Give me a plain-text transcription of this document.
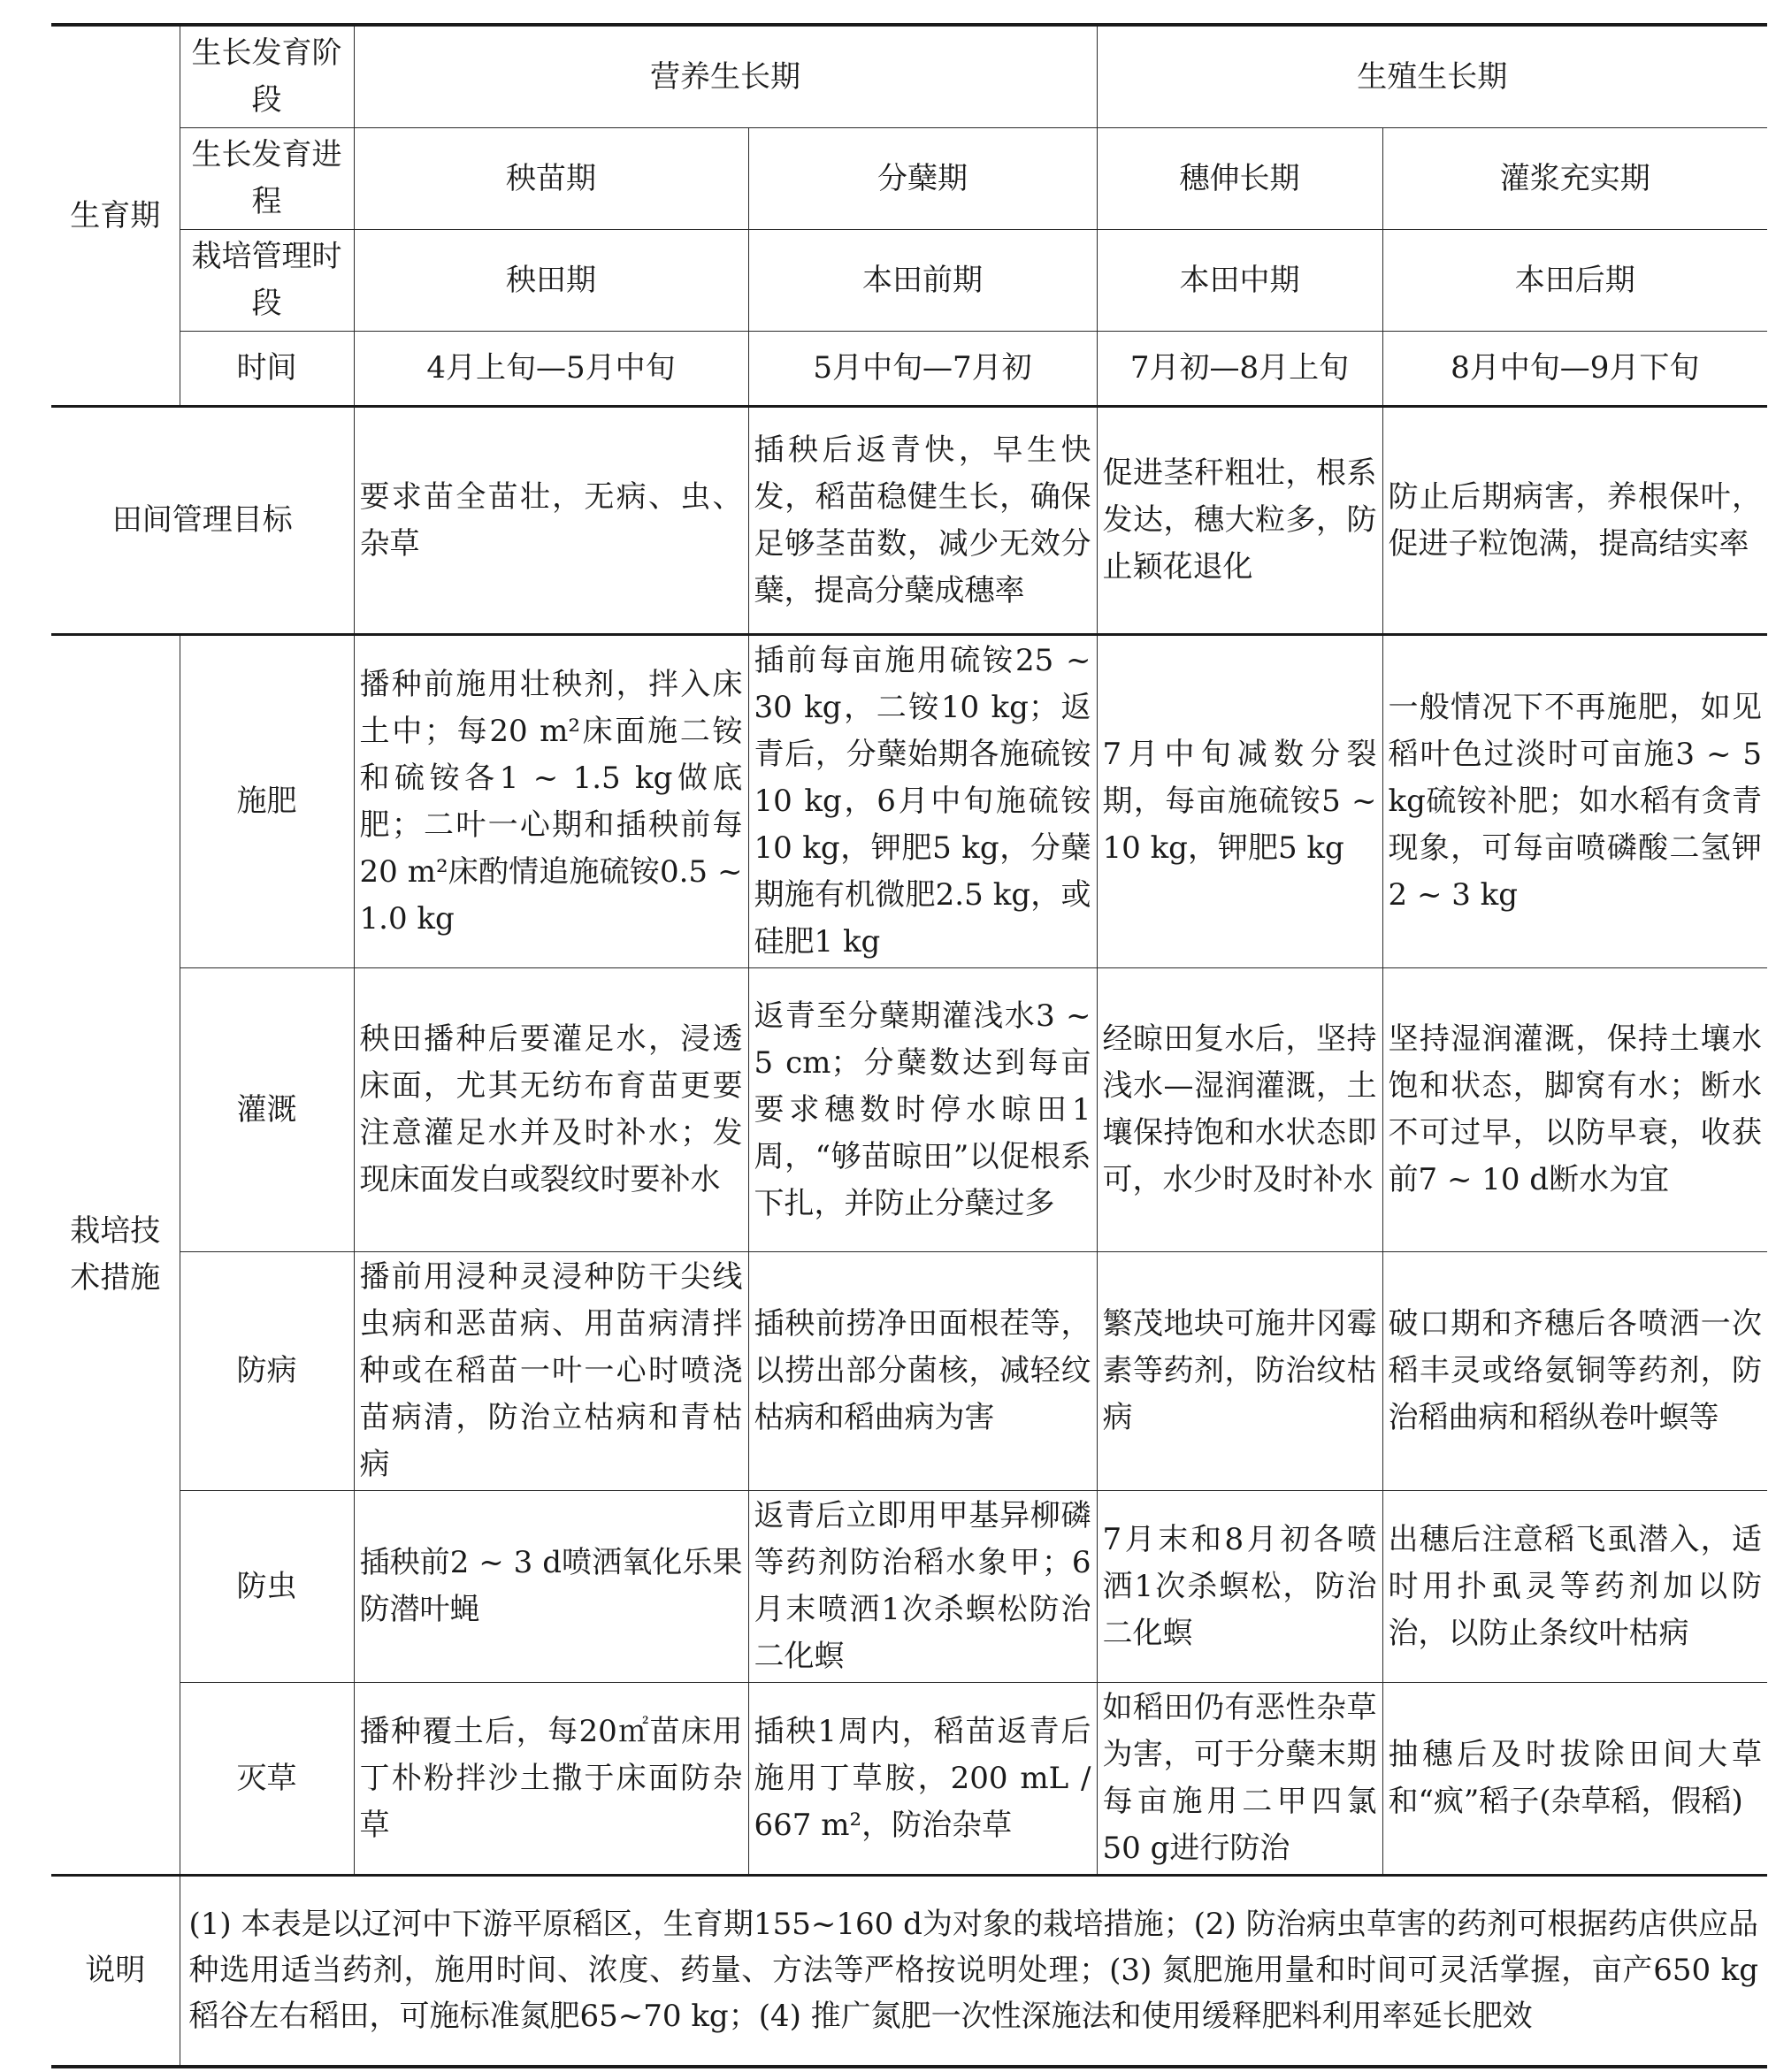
生育期	生长发育阶段	营养生长期		生殖生长期	
	生长发育进程	秧苗期	分蘖期	穗伸长期	灌浆充实期
	栽培管理时段	秧田期	本田前期	本田中期	本田后期
	时间	4月上旬—5月中旬	5月中旬—7月初	7月初—8月上旬	8月中旬—9月下旬
田间管理目标		要求苗全苗壮，无病、虫、杂草	插秧后返青快，早生快发，稻苗稳健生长，确保足够茎苗数，减少无效分蘖，提高分蘖成穗率	促进茎秆粗壮，根系发达，穗大粒多，防止颖花退化	防止后期病害，养根保叶，促进子粒饱满，提高结实率
栽培技术措施	施肥	播种前施用壮秧剂，拌入床土中；每20 m²床面施二铵和硫铵各1 ~ 1.5 kg做底肥；二叶一心期和插秧前每20 m²床酌情追施硫铵0.5 ~ 1.0 kg	插前每亩施用硫铵25 ~ 30 kg，二铵10 kg；返青后，分蘖始期各施硫铵10 kg，6月中旬施硫铵10 kg，钾肥5 kg，分蘖期施有机微肥2.5 kg，或硅肥1 kg	7月中旬减数分裂期，每亩施硫铵5 ~ 10 kg，钾肥5 kg	一般情况下不再施肥，如见稻叶色过淡时可亩施3 ~ 5 kg硫铵补肥；如水稻有贪青现象，可每亩喷磷酸二氢钾2 ~ 3 kg
	灌溉	秧田播种后要灌足水，浸透床面，尤其无纺布育苗更要注意灌足水并及时补水；发现床面发白或裂纹时要补水	返青至分蘖期灌浅水3 ~ 5 cm；分蘖数达到每亩要求穗数时停水晾田1周，“够苗晾田”以促根系下扎，并防止分蘖过多	经晾田复水后，坚持浅水—湿润灌溉，土壤保持饱和水状态即可，水少时及时补水	坚持湿润灌溉，保持土壤水饱和状态，脚窝有水；断水不可过早，以防早衰，收获前7 ~ 10 d断水为宜
	防病	播前用浸种灵浸种防干尖线虫病和恶苗病、用苗病清拌种或在稻苗一叶一心时喷浇苗病清，防治立枯病和青枯病	插秧前捞净田面根茬等，以捞出部分菌核，减轻纹枯病和稻曲病为害	繁茂地块可施井冈霉素等药剂，防治纹枯病	破口期和齐穗后各喷洒一次稻丰灵或络氨铜等药剂，防治稻曲病和稻纵卷叶螟等
	防虫	插秧前2 ~ 3 d喷洒氧化乐果防潜叶蝇	返青后立即用甲基异柳磷等药剂防治稻水象甲；6月末喷洒1次杀螟松防治二化螟	7月末和8月初各喷洒1次杀螟松，防治二化螟	出穗后注意稻飞虱潜入，适时用扑虱灵等药剂加以防治，以防止条纹叶枯病
	灭草	播种覆土后，每20㎡苗床用丁朴粉拌沙土撒于床面防杂草	插秧1周内，稻苗返青后施用丁草胺，200 mL / 667 m²，防治杂草	如稻田仍有恶性杂草为害，可于分蘖末期每亩施用二甲四氯50 g进行防治	抽穗后及时拔除田间大草和“疯”稻子(杂草稻，假稻)
说明	(1) 本表是以辽河中下游平原稻区，生育期155~160 d为对象的栽培措施；(2) 防治病虫草害的药剂可根据药店供应品种选用适当药剂，施用时间、浓度、药量、方法等严格按说明处理；(3) 氮肥施用量和时间可灵活掌握，亩产650 kg稻谷左右稻田，可施标准氮肥65~70 kg；(4) 推广氮肥一次性深施法和使用缓释肥料利用率延长肥效				
